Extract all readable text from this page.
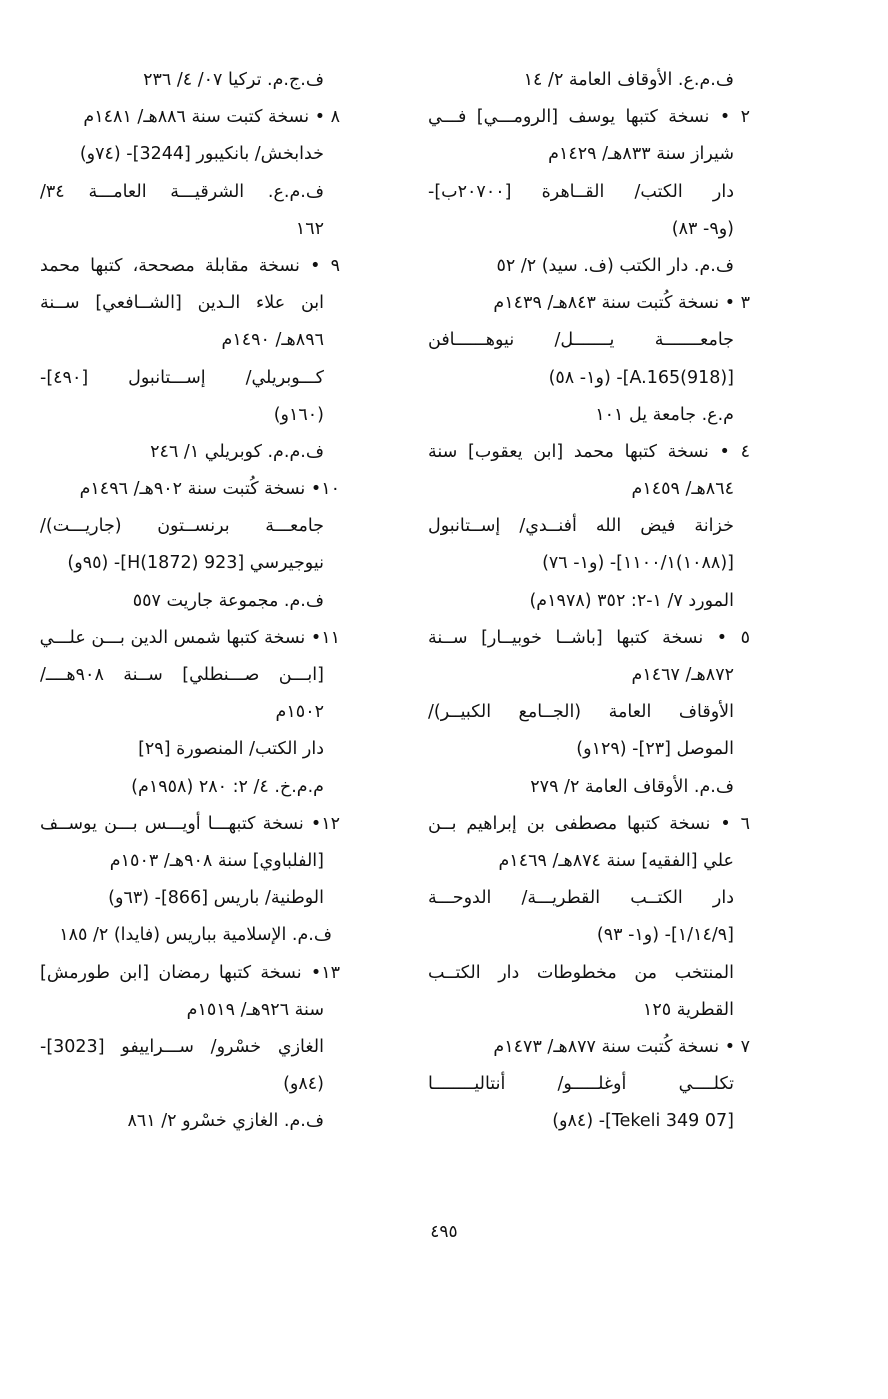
ف.م.ع. الأوقاف العامة ٢/ ١٤
٢ • نسخة كتبها يوسف [الرومـــي] فـــي
شيراز سنة ٨٣٣هـ/ ١٤٢٩م
دار الكتب/ القــاهرة [٢٠٧٠٠ب]-
(و٩- ٨٣)
ف.م. دار الكتب (ف. سيد) ٢/ ٥٢
٣ • نسخة كُتبت سنة ٨٤٣هـ/ ١٤٣٩م
جامعـــــــة يـــــــل/ نيوهــــــافن
[A.165(918)]- (و١- ٥٨)
م.ع. جامعة يل ١٠١
٤ • نسخة كتبها محمد [ابن يعقوب] سنة
٨٦٤هـ/ ١٤٥٩م
خزانة فيض الله أفنــدي/ إســتانبول
[(١٠٨٨)١١٠٠/١]- (و١- ٧٦)
المورد ٧/ ١-٢: ٣٥٢ (١٩٧٨م)
٥ • نسخة كتبها [باشــا خوبيــار] ســنة
٨٧٢هـ/ ١٤٦٧م
الأوقاف العامة (الجــامع الكبيــر)/
الموصل [٢٣]- (١٢٩و)
ف.م. الأوقاف العامة ٢/ ٢٧٩
٦ • نسخة كتبها مصطفى بن إبراهيم بــن
علي [الفقيه] سنة ٨٧٤هـ/ ١٤٦٩م
دار الكتــب القطريـــة/ الدوحـــة
[١/١٤/٩]- (و١- ٩٣)
المنتخب من مخطوطات دار الكتــب
القطرية ١٢٥
٧ • نسخة كُتبت سنة ٨٧٧هـ/ ١٤٧٣م
تكلــــي أوغلـــــو/ أنتاليــــــــا
[07 Tekeli 349]- (٨٤و)
ف.ج.م. تركيا ٠٧/ ٤/ ٢٣٦
٨ • نسخة كتبت سنة ٨٨٦هـ/ ١٤٨١م
خدابخش/ بانكيبور [3244]- (٧٤و)
ف.م.ع. الشرقيـــة العامـــة ٣٤/
١٦٢
٩ • نسخة مقابلة مصححة، كتبها محمد
ابن علاء الـدين [الشــافعي] ســنة
٨٩٦هـ/ ١٤٩٠م
كـــوبريلي/ إســـتانبول [٤٩٠]-
(١٦٠و)
ف.م.م. كوبريلي ١/ ٢٤٦
١٠• نسخة كُتبت سنة ٩٠٢هـ/ ١٤٩٦م
جامعـــة برنســتون (جاريـــت)/
نيوجيرسي [923 H(1872)]- (٩٥و)
ف.م. مجموعة جاريت ٥٥٧
١١• نسخة كتبها شمس الدين بـــن علـــي
[ابـــن صـــنطلي] ســنة ٩٠٨هــــ/
١٥٠٢م
دار الكتب/ المنصورة [٢٩]
م.م.خ. ٤/ ٢: ٢٨٠ (١٩٥٨م)
١٢• نسخة كتبهـــا أويـــس بـــن يوســف
[الفلباوي] سنة ٩٠٨هـ/ ١٥٠٣م
الوطنية/ باريس [866]- (٦٣و)
ف.م. الإسلامية بباريس (فايدا) ٢/ ١٨٥
١٣• نسخة كتبها رمضان [ابن طورمش]
سنة ٩٢٦هـ/ ١٥١٩م
الغازي خسْرو/ ســـراييفو [3023]-
(٨٤و)
ف.م. الغازي خسْرو ٢/ ٨٦١
٤٩٥
